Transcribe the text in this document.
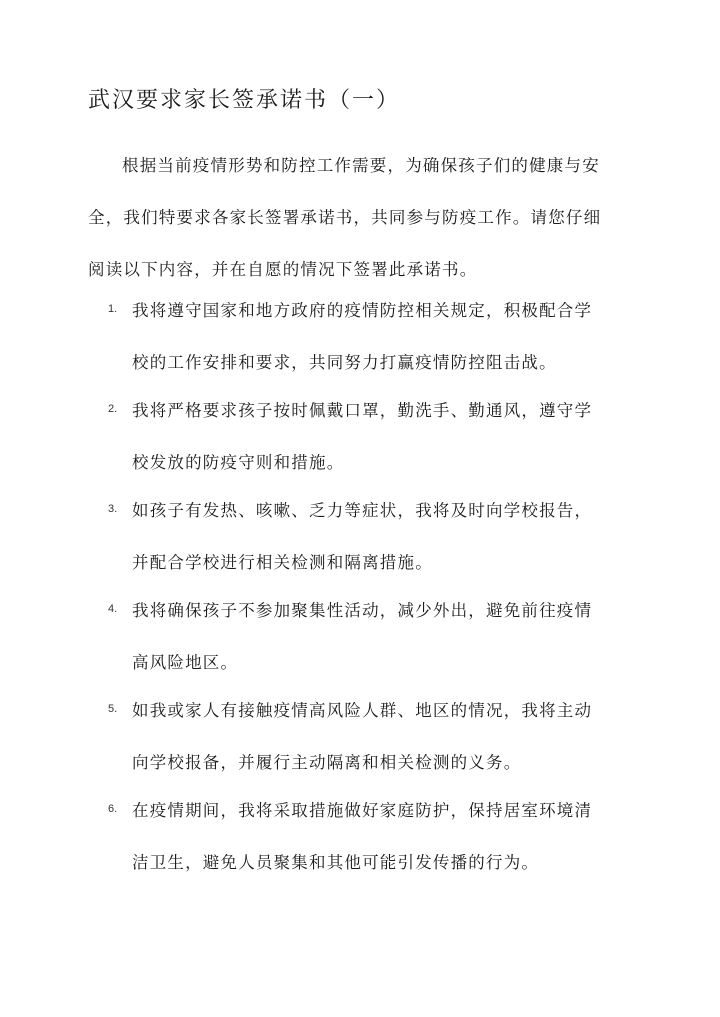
武汉要求家长签承诺书（一）
根据当前疫情形势和防控工作需要，为确保孩子们的健康与安
全，我们特要求各家长签署承诺书，共同参与防疫工作。请您仔细
阅读以下内容，并在自愿的情况下签署此承诺书。
1. 我将遵守国家和地方政府的疫情防控相关规定，积极配合学
校的工作安排和要求，共同努力打赢疫情防控阻击战。
2. 我将严格要求孩子按时佩戴口罩，勤洗手、勤通风，遵守学
校发放的防疫守则和措施。
3. 如孩子有发热、咳嗽、乏力等症状，我将及时向学校报告，
并配合学校进行相关检测和隔离措施。
4. 我将确保孩子不参加聚集性活动，减少外出，避免前往疫情
高风险地区。
5. 如我或家人有接触疫情高风险人群、地区的情况，我将主动
向学校报备，并履行主动隔离和相关检测的义务。
6. 在疫情期间，我将采取措施做好家庭防护，保持居室环境清
洁卫生，避免人员聚集和其他可能引发传播的行为。
